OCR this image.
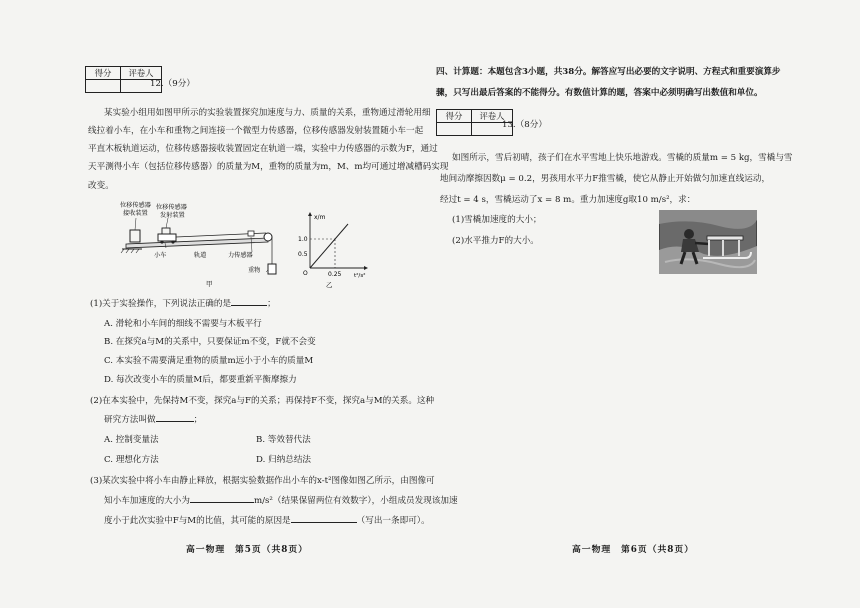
得分	评卷人

12.（9分）
某实验小组用如图甲所示的实验装置探究加速度与力、质量的关系，重物通过滑轮用细
线拉着小车，在小车和重物之间连接一个微型力传感器，位移传感器发射装置随小车一起
平直木板轨道运动，位移传感器接收装置固定在轨道一端，实验中力传感器的示数为F，通过
天平测得小车（包括位移传感器）的质量为M，重物的质量为m，M、m均可通过增减槽码实现
改变。
位移传感器
接收装置
位移传感器
发射装置
小车	轨道	力传感器
重物
甲
x/m
t²/s²
1.0
0.5
O	0.25
乙
(1)关于实验操作，下列说法正确的是	；
A. 滑轮和小车间的细线不需要与木板平行
B. 在探究a与M的关系中，只要保证m不变，F就不会变
C. 本实验不需要满足重物的质量m远小于小车的质量M
D. 每次改变小车的质量M后，都要重新平衡摩擦力
(2)在本实验中，先保持M不变，探究a与F的关系；再保持F不变，探究a与M的关系。这种
研究方法叫做	；
A. 控制变量法	B. 等效替代法
C. 理想化方法	D. 归纳总结法
(3)某次实验中将小车由静止释放，根据实验数据作出小车的x-t²图像如图乙所示，由图像可
知小车加速度的大小为	m/s²（结果保留两位有效数字），小组成员发现该加速
度小于此次实验中F与M的比值，其可能的原因是	（写出一条即可）。
高一物理　第5页（共8页）
四、计算题：本题包含3小题，共38分。解答应写出必要的文字说明、方程式和重要演算步
骤，只写出最后答案的不能得分。有数值计算的题，答案中必须明确写出数值和单位。
得分	评卷人

13.（8分）
如图所示，雪后初晴，孩子们在水平雪地上快乐地游戏。雪橇的质量m = 5 kg，雪橇与雪
地间动摩擦因数μ = 0.2，男孩用水平力F推雪橇，使它从静止开始做匀加速直线运动，
经过t = 4 s，雪橇运动了x = 8 m。重力加速度g取10 m/s²，求：
(1)雪橇加速度的大小；
(2)水平推力F的大小。
高一物理　第6页（共8页）
